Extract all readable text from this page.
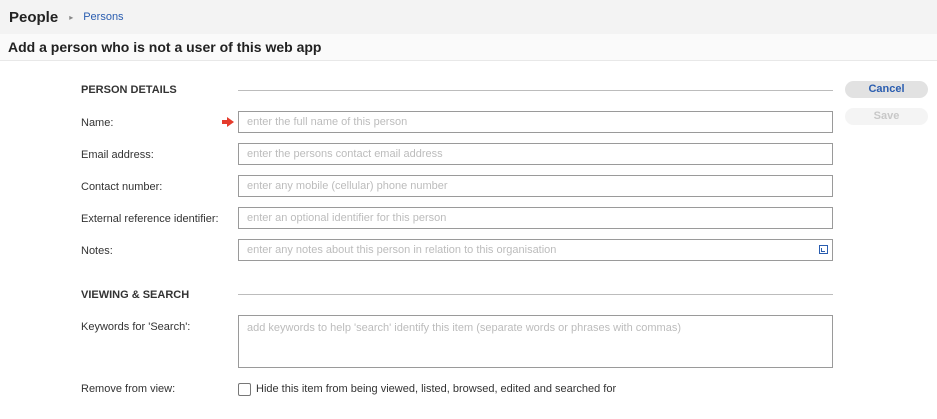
People ▸ Persons
Add a person who is not a user of this web app
Cancel
Save
PERSON DETAILS
Name:
enter the full name of this person
Email address:
enter the persons contact email address
Contact number:
enter any mobile (cellular) phone number
External reference identifier:
enter an optional identifier for this person
Notes:
enter any notes about this person in relation to this organisation
VIEWING & SEARCH
Keywords for 'Search':
add keywords to help 'search' identify this item (separate words or phrases with commas)
Remove from view:	Hide this item from being viewed, listed, browsed, edited and searched for
